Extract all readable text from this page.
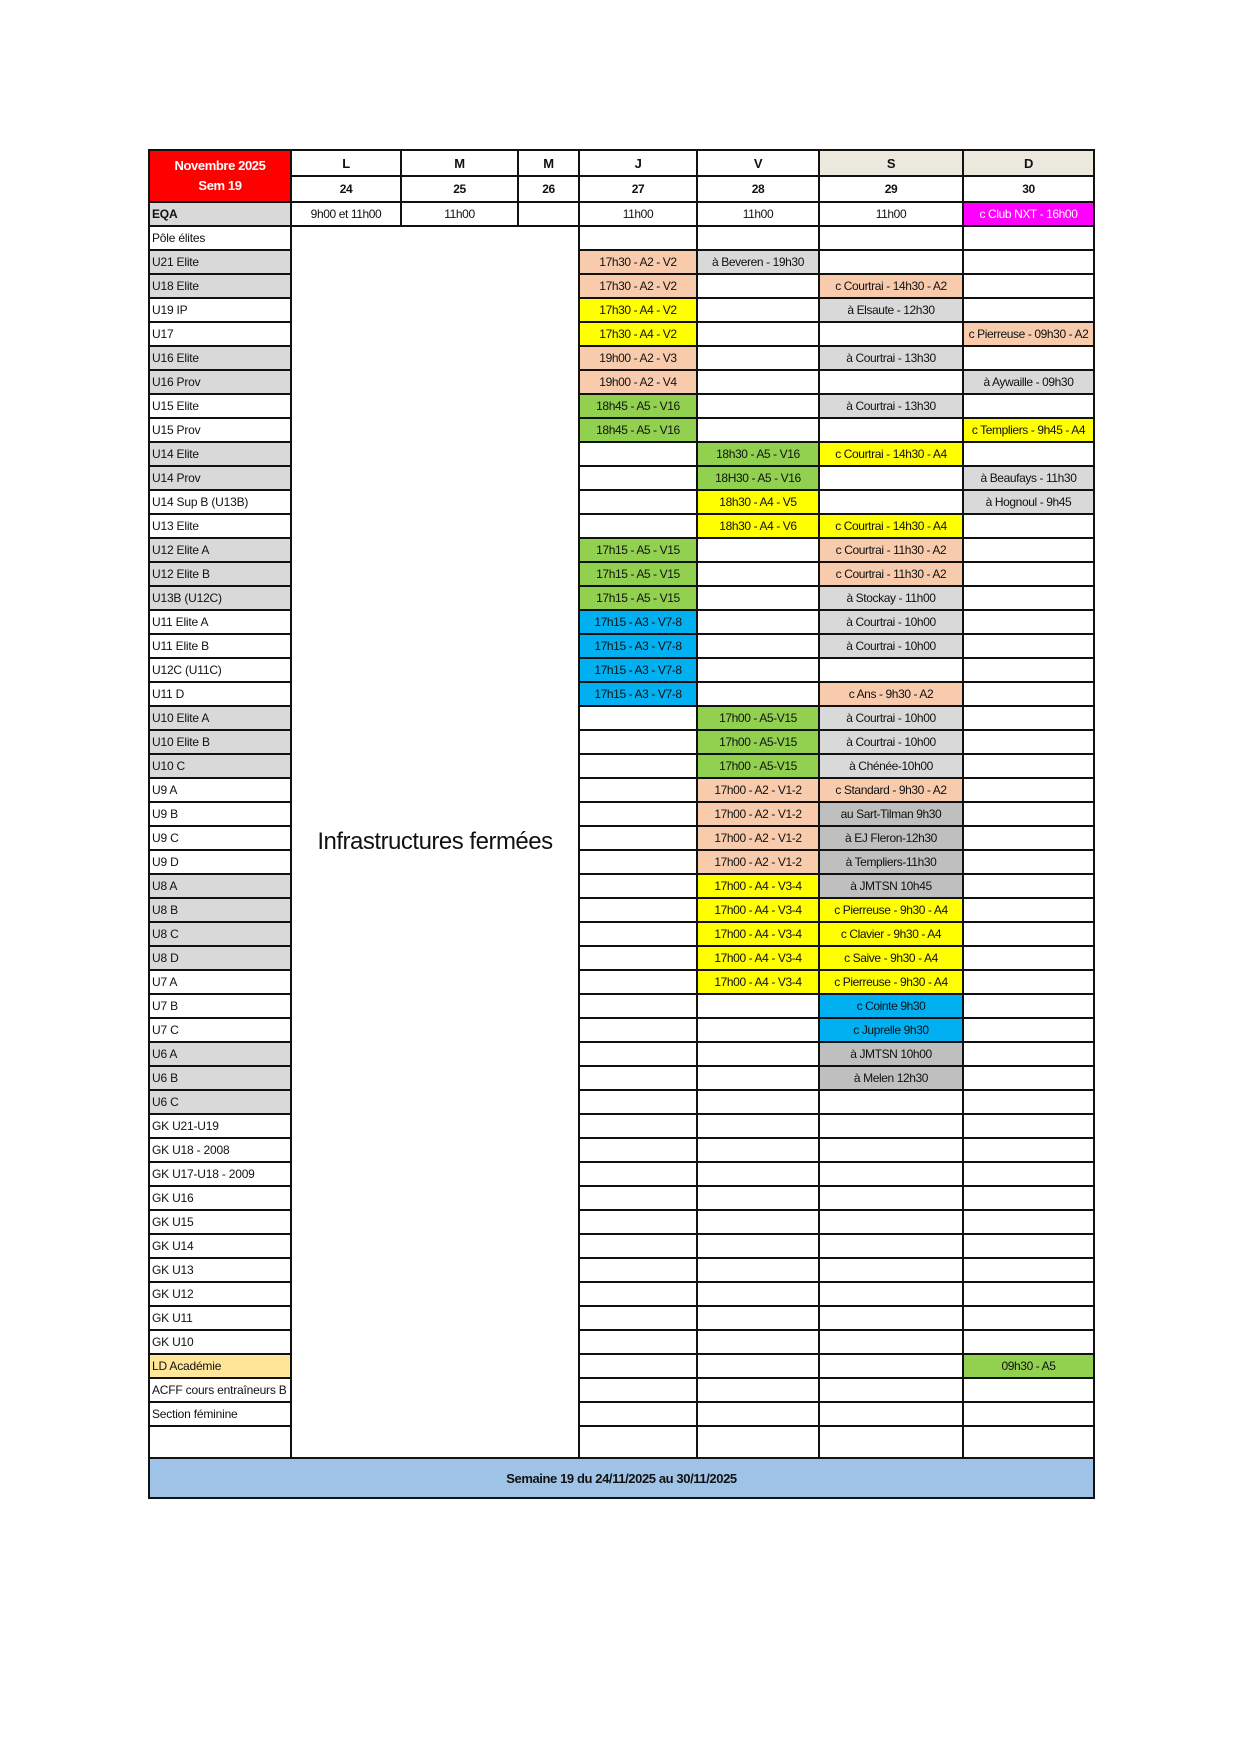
Novembre 2025
Sem 19	L	M	M	J	V	S	D
	24	25	26	27	28	29	30
EQA	9h00 et 11h00	11h00		11h00	11h00	11h00	c Club NXT - 16h00
Pôle élites	Infrastructures fermées						
U21 Elite				17h30 - A2 - V2	à Beveren - 19h30		
U18 Elite				17h30 - A2 - V2		c Courtrai - 14h30 - A2	
U19 IP				17h30 - A4 - V2		à Elsaute - 12h30	
U17				17h30 - A4 - V2			c Pierreuse - 09h30 - A2
U16 Elite				19h00 - A2 - V3		à Courtrai - 13h30	
U16 Prov				19h00 - A2 - V4			à Aywaille - 09h30
U15 Elite				18h45 - A5 - V16		à Courtrai - 13h30	
U15 Prov				18h45 - A5 - V16			c Templiers - 9h45 - A4
U14 Elite					18h30 - A5 - V16	c Courtrai - 14h30 - A4	
U14 Prov					18H30 - A5 - V16		à Beaufays - 11h30
U14 Sup B (U13B)					18h30 - A4 - V5		à Hognoul - 9h45
U13 Elite					18h30 - A4 - V6	c Courtrai - 14h30 - A4	
U12 Elite A				17h15 - A5 - V15		c Courtrai - 11h30 - A2	
U12 Elite B				17h15 - A5 - V15		c Courtrai - 11h30 - A2	
U13B (U12C)				17h15 - A5 - V15		à Stockay - 11h00	
U11 Elite A				17h15 - A3 - V7-8		à Courtrai - 10h00	
U11 Elite B				17h15 - A3 - V7-8		à Courtrai - 10h00	
U12C (U11C)				17h15 - A3 - V7-8			
U11 D				17h15 - A3 - V7-8		c Ans - 9h30 - A2	
U10 Elite A					17h00 - A5-V15	à Courtrai - 10h00	
U10 Elite B					17h00 - A5-V15	à Courtrai - 10h00	
U10 C					17h00 - A5-V15	à Chénée-10h00	
U9 A					17h00 - A2 - V1-2	c Standard - 9h30 - A2	
U9 B					17h00 - A2 - V1-2	au Sart-Tilman 9h30	
U9 C					17h00 - A2 - V1-2	à EJ Fleron-12h30	
U9 D					17h00 - A2 - V1-2	à Templiers-11h30	
U8 A					17h00 - A4 - V3-4	à JMTSN 10h45	
U8 B					17h00 - A4 - V3-4	c Pierreuse - 9h30 - A4	
U8 C					17h00 - A4 - V3-4	c Clavier - 9h30 - A4	
U8 D					17h00 - A4 - V3-4	c Saive - 9h30 - A4	
U7 A					17h00 - A4 - V3-4	c Pierreuse - 9h30 - A4	
U7 B						c Cointe 9h30	
U7 C						c Juprelle 9h30	
U6 A						à JMTSN 10h00	
U6 B						à Melen 12h30	
U6 C							
GK U21-U19							
GK U18 - 2008							
GK U17-U18 - 2009							
GK U16							
GK U15							
GK U14							
GK U13							
GK U12							
GK U11							
GK U10							
LD Académie							09h30 - A5
ACFF cours entraîneurs B							
Section féminine							

Semaine 19 du 24/11/2025 au 30/11/2025							
